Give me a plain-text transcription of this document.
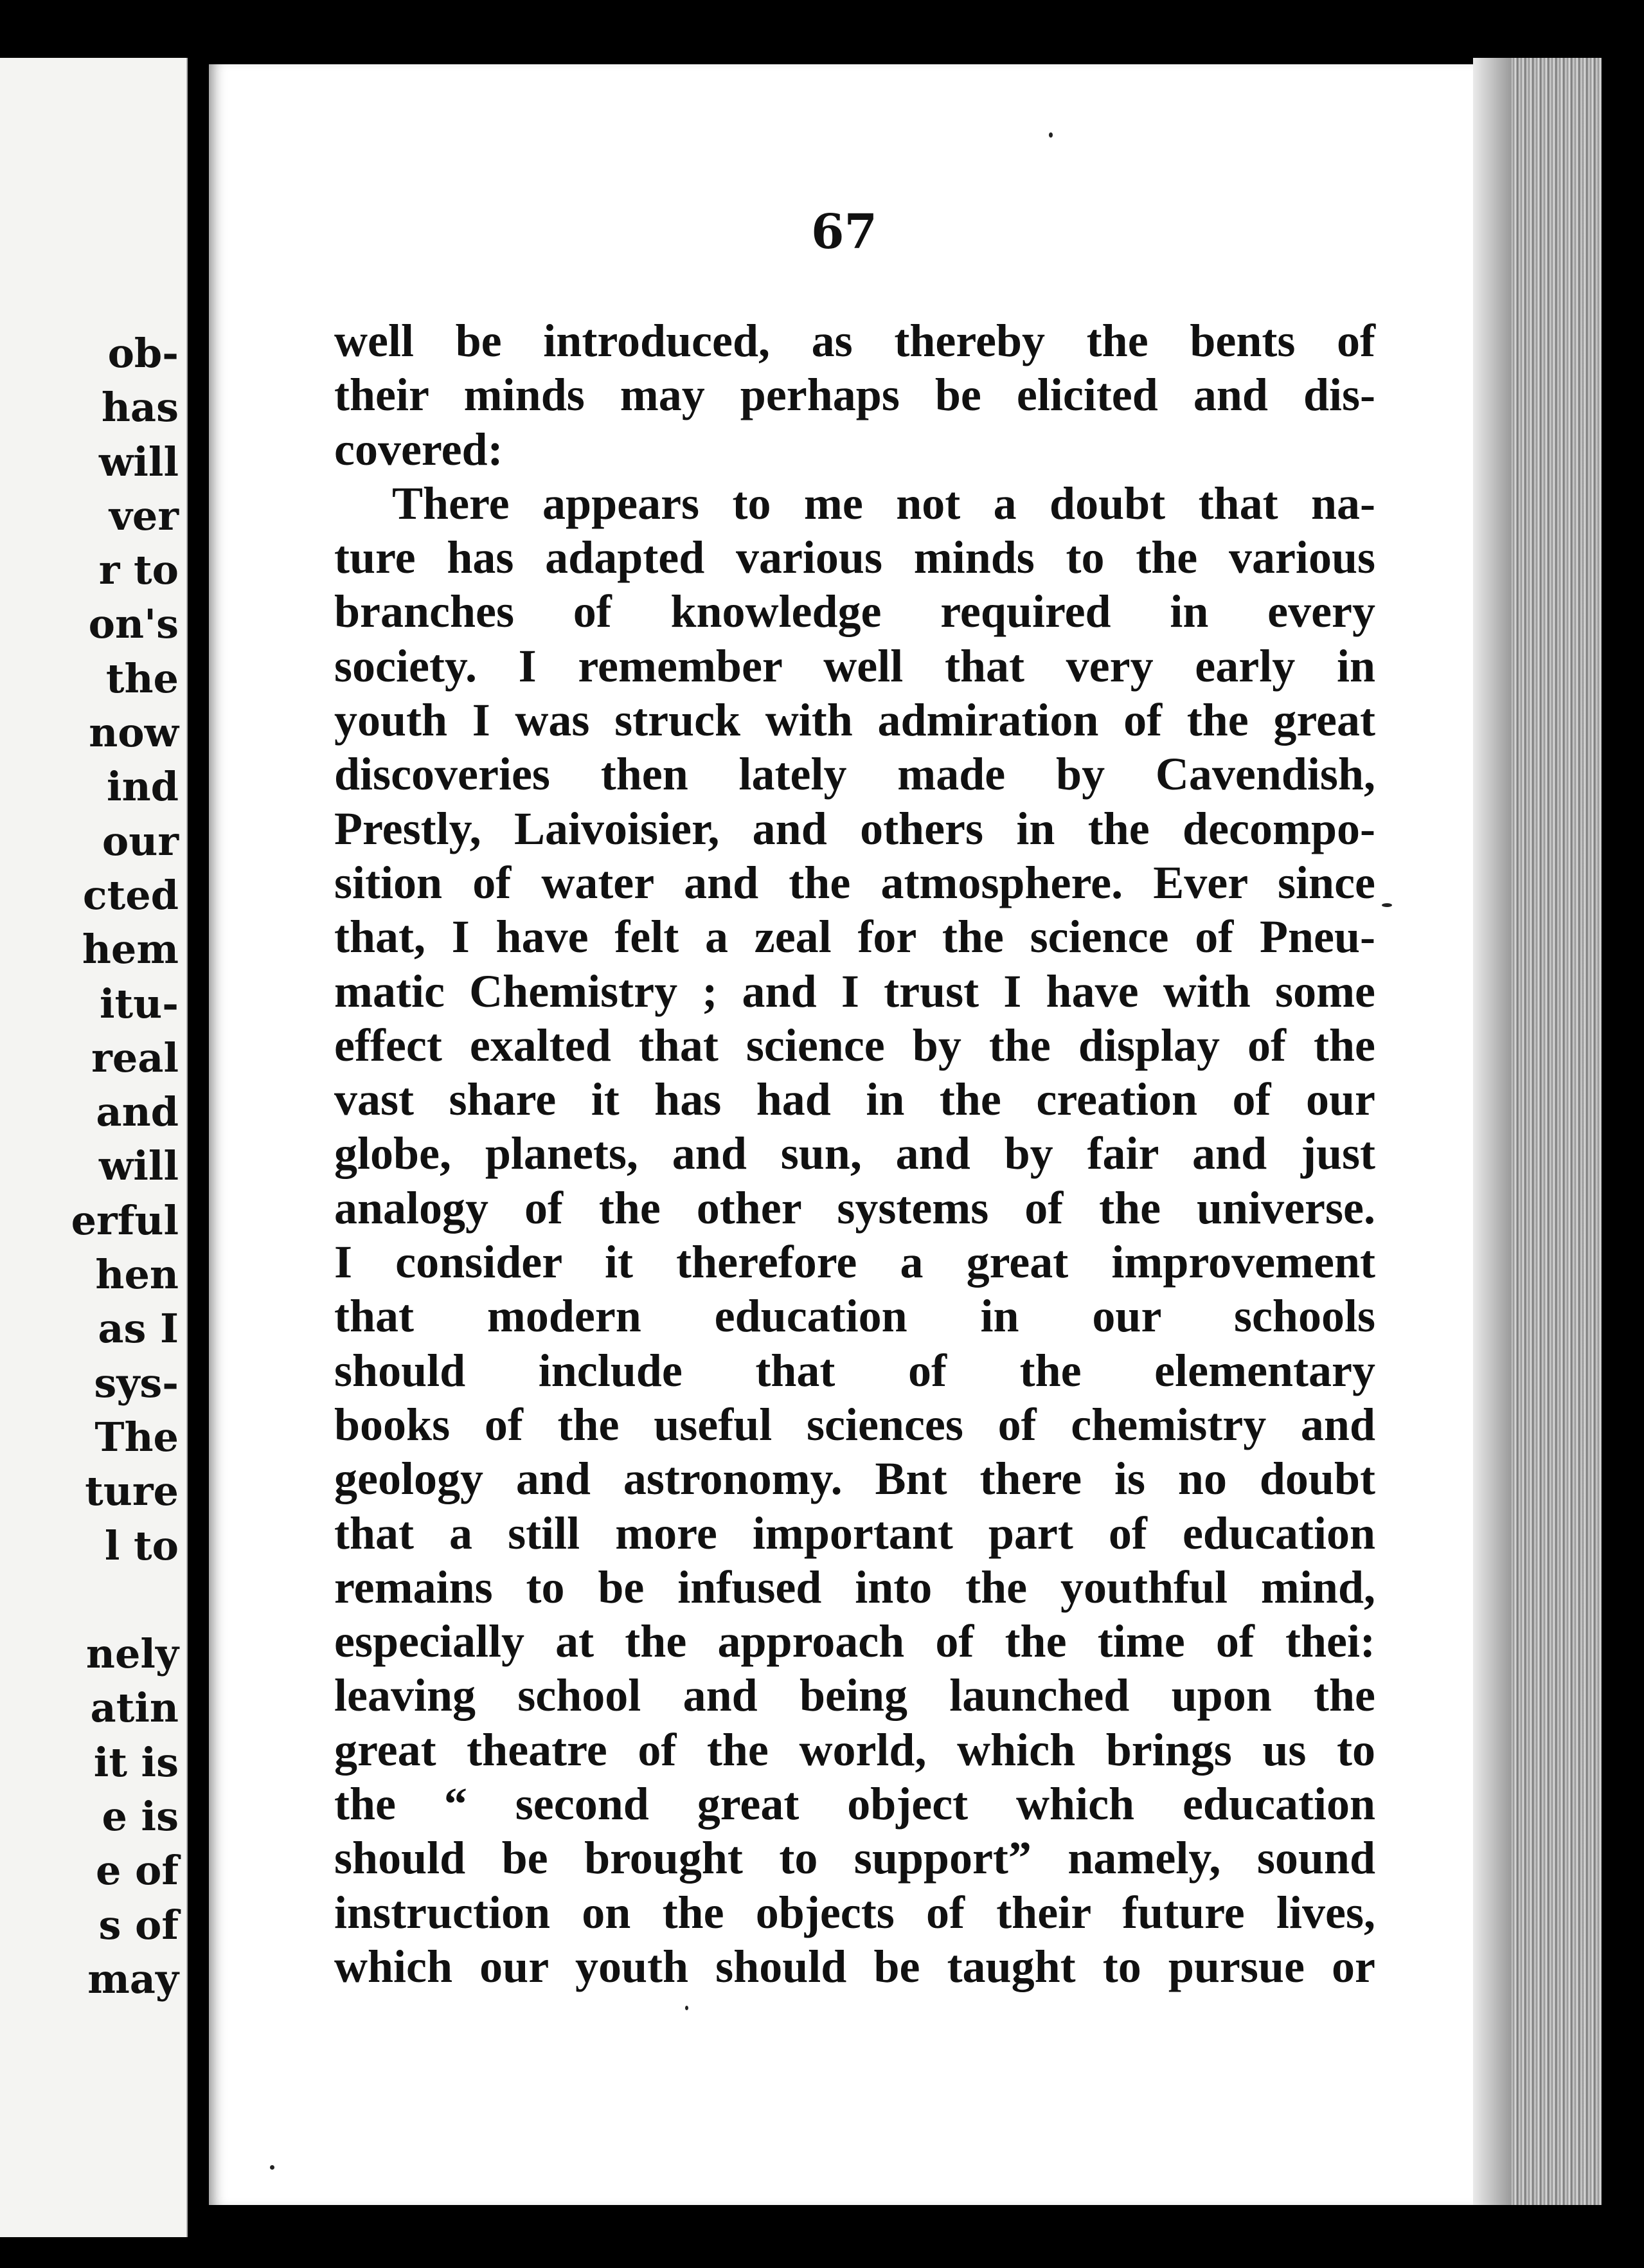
ob-
has
will
ver
r to
on's
the
now
ind
our
cted
hem
itu-
real
and
will
erful
hen
as I
sys-
The
ture
l to

nely
atin
it is
e is
e of
s of
may
67
well be introduced, as thereby the bents of
their minds may perhaps be elicited and dis-
covered:
There appears to me not a doubt that na-
ture has adapted various minds to the various
branches of knowledge required in every
society. I remember well that very early in
youth I was struck with admiration of the great
discoveries then lately made by Cavendish,
Prestly, Laivoisier, and others in the decompo-
sition of water and the atmosphere. Ever since
that, I have felt a zeal for the science of Pneu-
matic Chemistry ; and I trust I have with some
effect exalted that science by the display of the
vast share it has had in the creation of our
globe, planets, and sun, and by fair and just
analogy of the other systems of the universe.
I consider it therefore a great improvement
that modern education in our schools
should include that of the elementary
books of the useful sciences of chemistry and
geology and astronomy. Bnt there is no doubt
that a still more important part of education
remains to be infused into the youthful mind,
especially at the approach of the time of thei:
leaving school and being launched upon the
great theatre of the world, which brings us to
the “ second great object which education
should be brought to support” namely, sound
instruction on the objects of their future lives,
which our youth should be taught to pursue or
